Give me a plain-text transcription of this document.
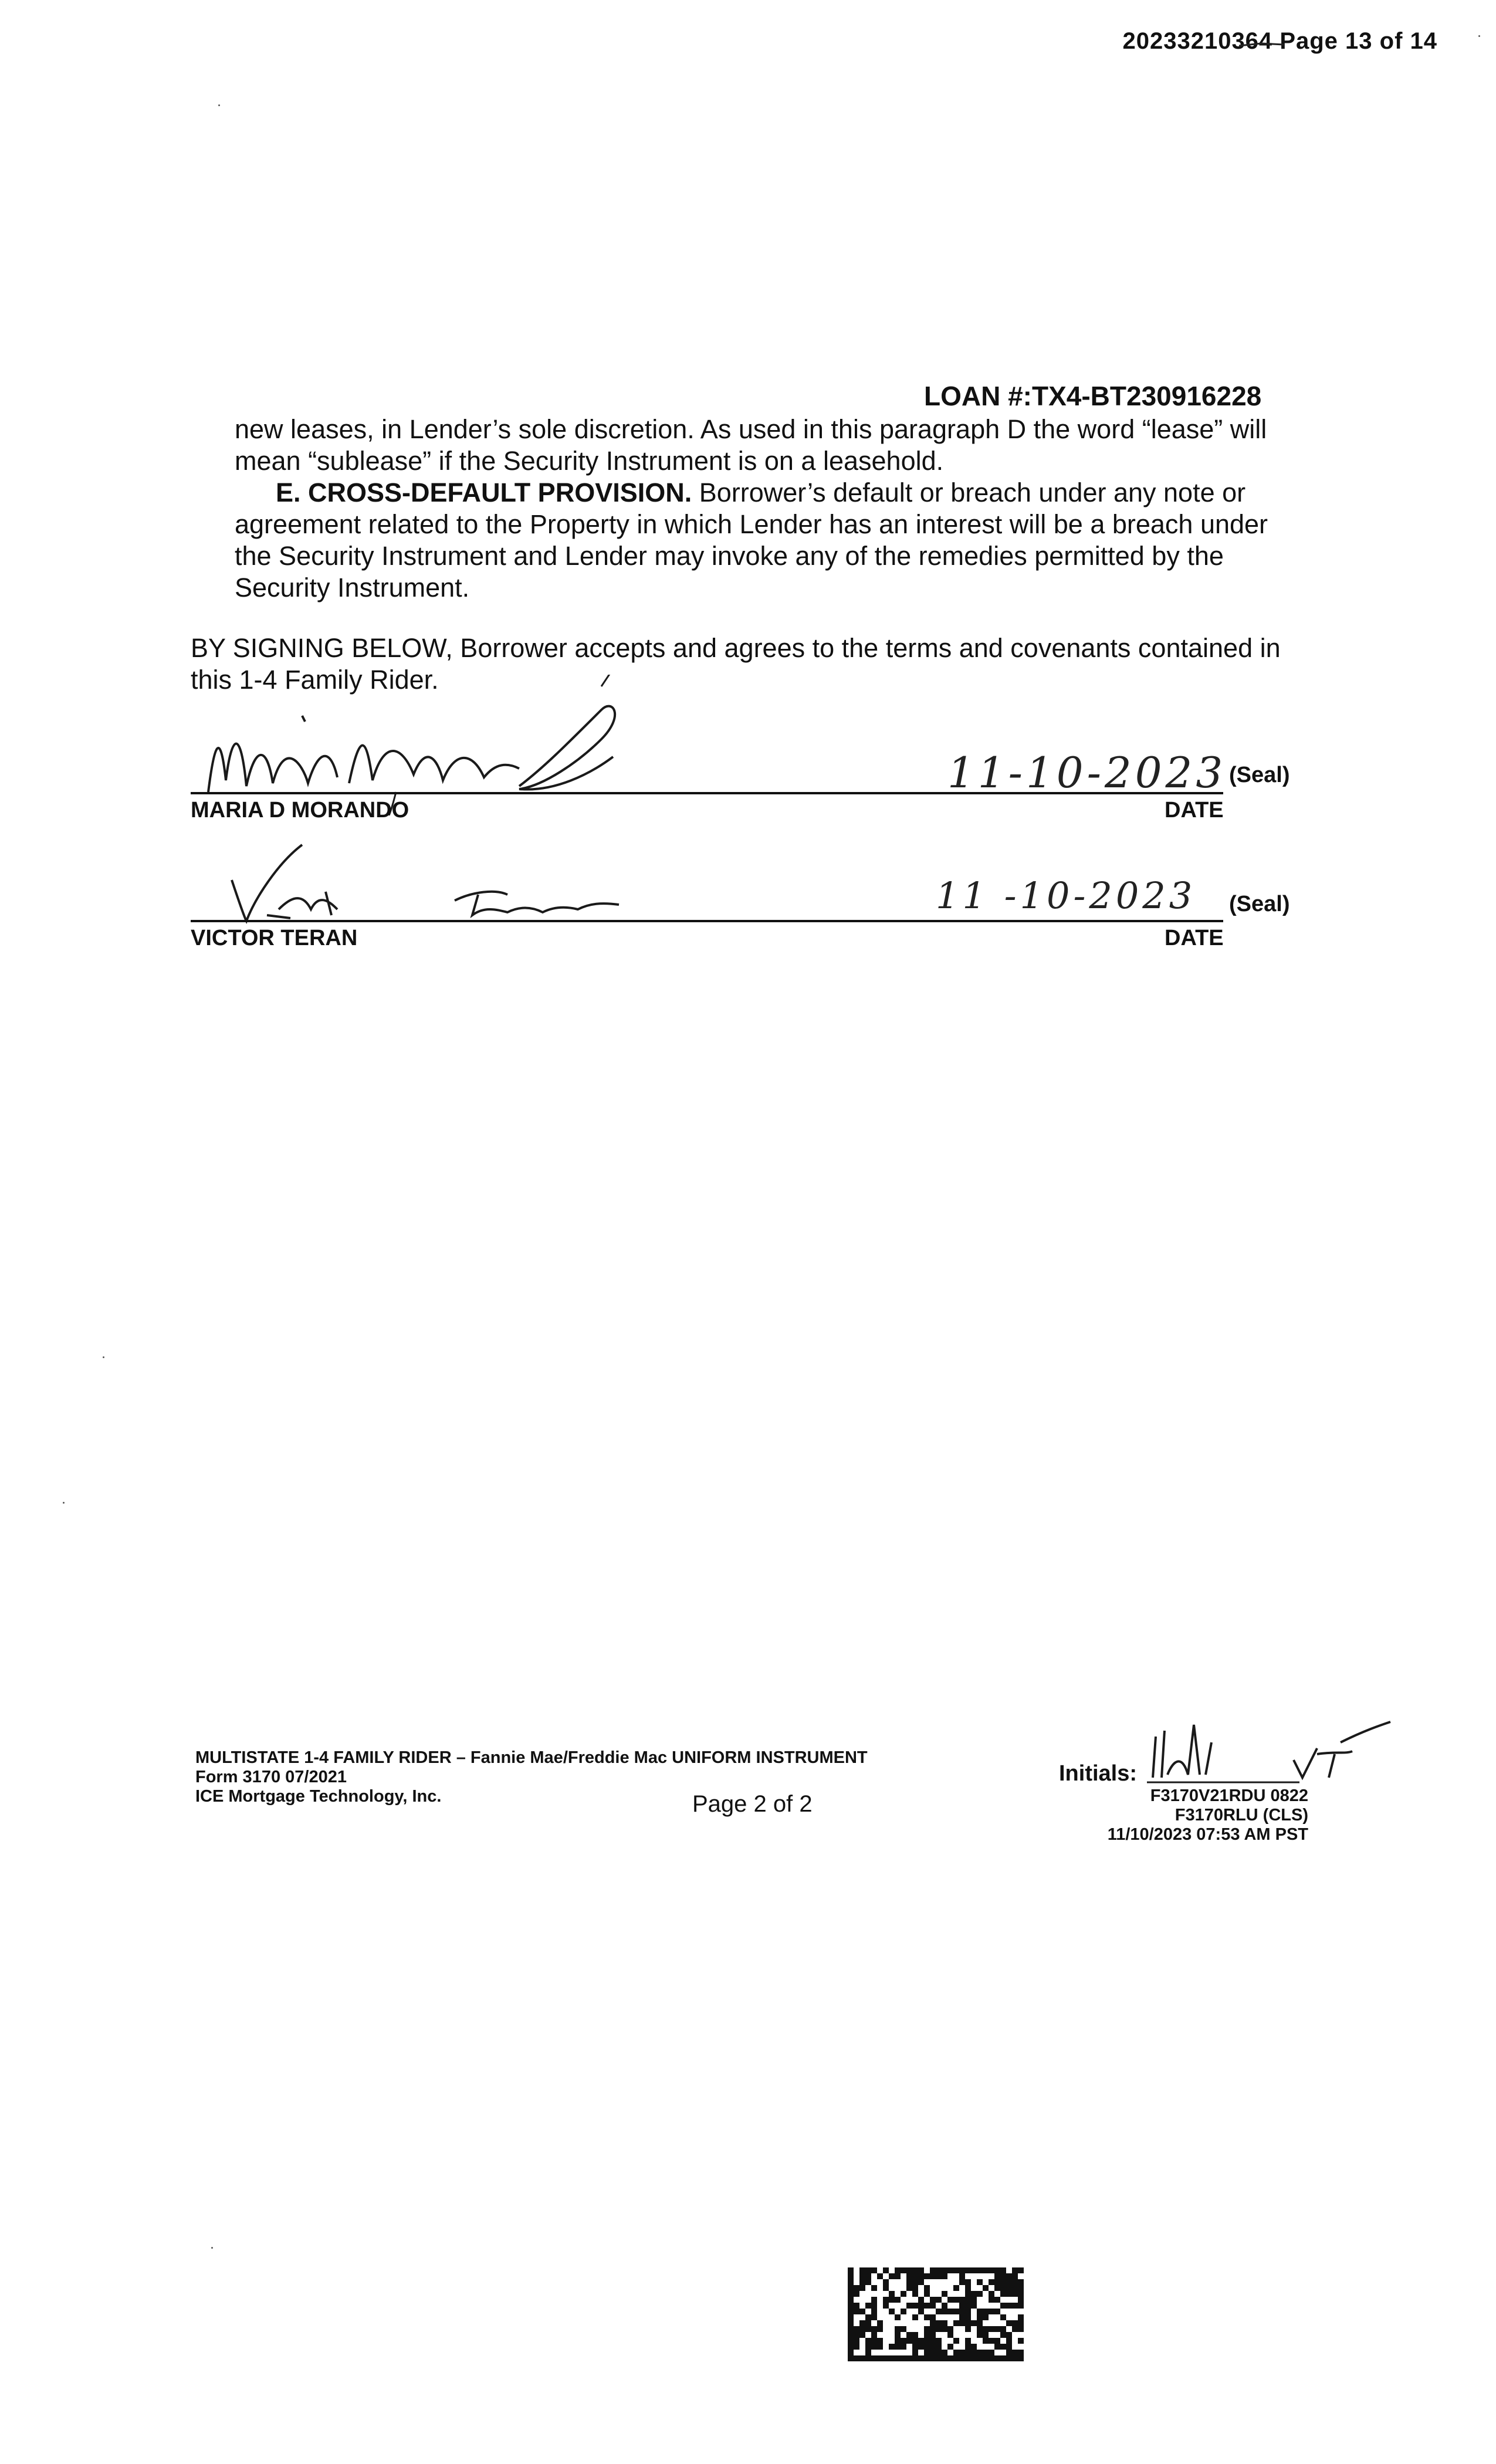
20233210364 Page 13 of 14
LOAN #:TX4-BT230916228

new leases, in Lender’s sole discretion. As used in this paragraph D the word “lease” will mean “sublease” if the Security Instrument is on a leasehold.

E. CROSS-DEFAULT PROVISION. Borrower’s default or breach under any note or agreement related to the Property in which Lender has an interest will be a breach under the Security Instrument and Lender may invoke any of the remedies permitted by the Security Instrument.

BY SIGNING BELOW, Borrower accepts and agrees to the terms and covenants contained in this 1-4 Family Rider.
MARIA D MORANDO
11-10-2023 (Seal)
DATE
VICTOR TERAN
11 -10-2023 (Seal)
DATE
MULTISTATE 1-4 FAMILY RIDER – Fannie Mae/Freddie Mac UNIFORM INSTRUMENT
Form 3170 07/2021
ICE Mortgage Technology, Inc.	Page 2 of 2
Initials:
F3170V21RDU 0822
F3170RLU (CLS)
11/10/2023 07:53 AM PST
